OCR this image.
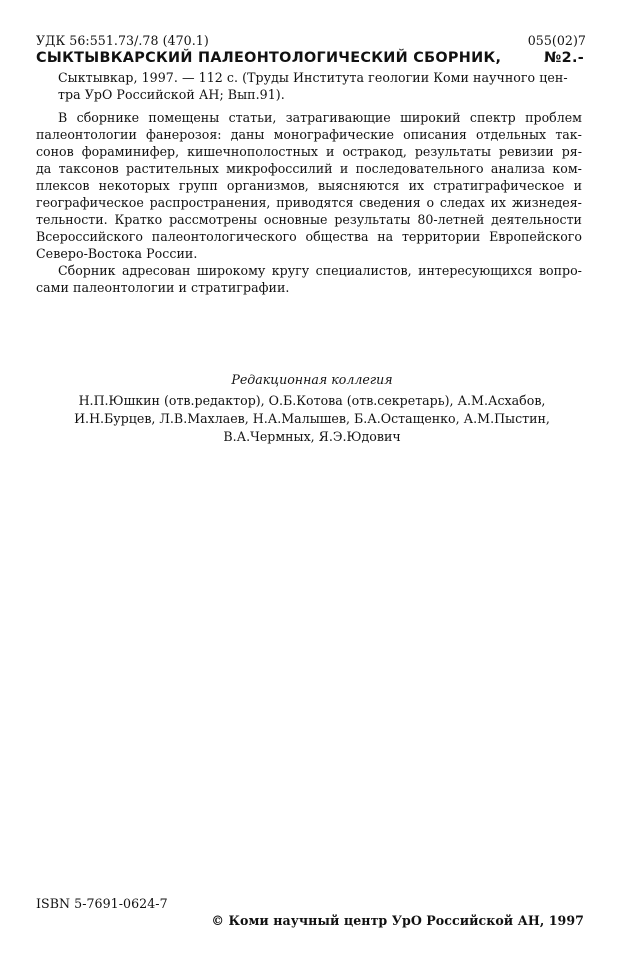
УДК 56:551.73/.78 (470.1)	055(02)7
СЫКТЫВКАРСКИЙ ПАЛЕОНТОЛОГИЧЕСКИЙ СБОРНИК,	№2.-
Сыктывкар, 1997. — 112 с. (Труды Института геологии Коми научного цен-
тра УрО Российской АН; Вып.91).
В сборнике помещены статьи, затрагивающие широкий спектр проблем
палеонтологии фанерозоя: даны монографические описания отдельных так-
сонов фораминифер, кишечнополостных и остракод, результаты ревизии ря-
да таксонов растительных микрофоссилий и последовательного анализа ком-
плексов некоторых групп организмов, выясняются их стратиграфическое и
географическое распространения, приводятся сведения о следах их жизнедея-
тельности. Кратко рассмотрены основные результаты 80-летней деятельности
Всероссийского палеонтологического общества на территории Европейского
Северо-Востока России.
Сборник адресован широкому кругу специалистов, интересующихся вопро-
сами палеонтологии и стратиграфии.
Редакционная коллегия
Н.П.Юшкин (отв.редактор), О.Б.Котова (отв.секретарь), А.М.Асхабов,
И.Н.Бурцев, Л.В.Махлаев, Н.А.Малышев, Б.А.Остащенко, А.М.Пыстин,
В.А.Чермных, Я.Э.Юдович
ISBN 5-7691-0624-7
© Коми научный центр УрО Российской АН, 1997
